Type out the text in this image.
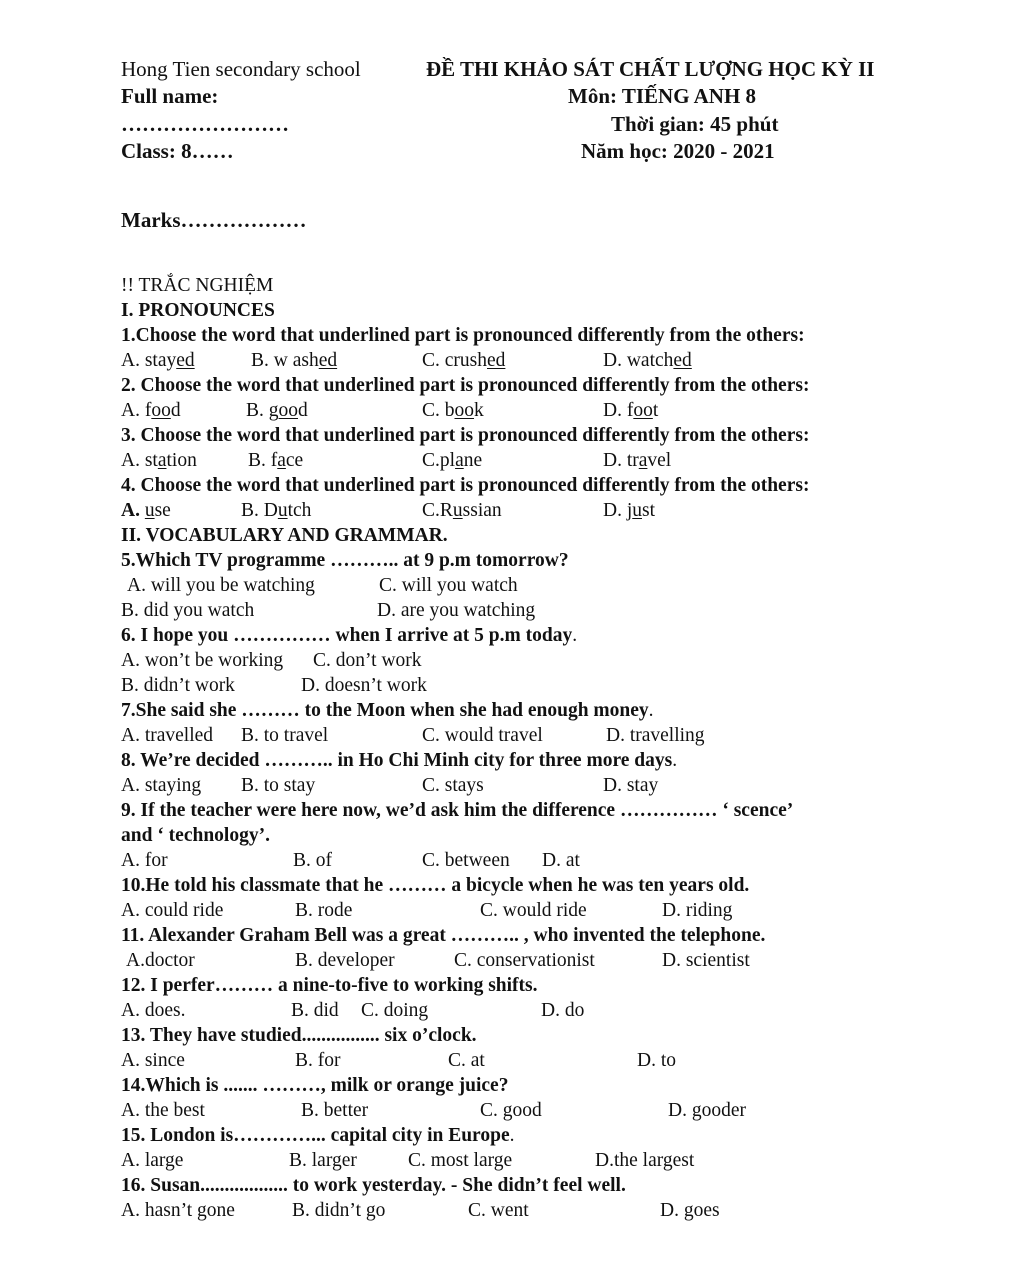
Hong Tien secondary school	ĐỀ THI KHẢO SÁT CHẤT LƯỢNG HỌC KỲ II
Full name:	Môn: TIẾNG ANH 8
……………………	Thời gian: 45 phút
Class: 8……	Năm học: 2020 - 2021
Marks………………
!! TRẮC NGHIỆM
I. PRONOUNCES
1.Choose the word that underlined part is pronounced differently from the others:
A. stayed	B. w ashed	C. crushed	D. watched
2. Choose the word that underlined part is pronounced differently from the others:
A. food	B. good	C. book	D. foot
3. Choose the word that underlined part is pronounced differently from the others:
A. station	B. face	C.plane	D. travel
4. Choose the word that underlined part is pronounced differently from the others:
A. use	B. Dutch	C.Russian	D. just
II. VOCABULARY AND GRAMMAR.
5.Which TV programme ……….. at 9 p.m tomorrow?
A. will you be watching	C. will you watch
B. did you watch	D. are you watching
6. I hope you …………… when I arrive at 5 p.m today.
A. won’t be working C. don’t work
B. didn’t work	D. doesn’t work
7.She said she ……… to the Moon when she had enough money.
A. travelled B. to travel	C. would travel	D. travelling
8. We’re decided ……….. in Ho Chi Minh city for three more days.
A. staying B. to stay	C. stays	D. stay
9. If the teacher were here now, we’d ask him the difference …………… ‘ scence’
and ‘ technology’.
A. for	B. of	C. between D. at
10.He told his classmate that he ……… a bicycle when he was ten years old.
A. could ride	B. rode	C. would ride	D. riding
11. Alexander Graham Bell was a great ……….. , who invented the telephone.
A.doctor	B. developer	C. conservationist	D. scientist
12. I perfer……… a nine-to-five to working shifts.
A. does.	B. did C. doing	D. do
13. They have studied................ six o’clock.
A. since	B. for	C. at	D. to
14.Which is ....... ………, milk or orange juice?
A. the best	B. better	C. good	D. gooder
15. London is…………... capital city in Europe.
A. large	B. larger	C. most large	D.the largest
16. Susan.................. to work yesterday. - She didn’t feel well.
A. hasn’t gone	B. didn’t go	C. went	D. goes
